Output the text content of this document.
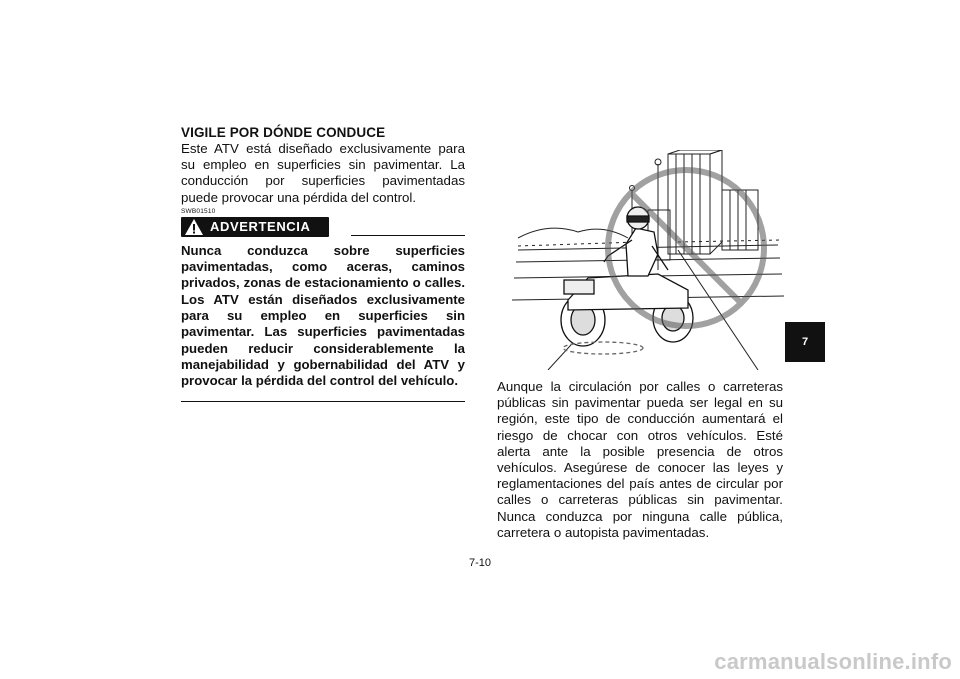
VIGILE POR DÓNDE CONDUCE
Este ATV está diseñado exclusivamente para su empleo en superficies sin pavimentar. La conducción por superficies pavimentadas puede provocar una pérdida del control.
SWB01510
ADVERTENCIA
Nunca conduzca sobre superficies pavimentadas, como aceras, caminos privados, zonas de estacionamiento o calles. Los ATV están diseñados exclusivamente para su empleo en superficies sin pavimentar. Las superficies pavimentadas pueden reducir considerablemente la manejabilidad y gobernabilidad del ATV y provocar la pérdida del control del vehículo.	Aunque la circulación por calles o carreteras públicas sin pavimentar pueda ser legal en su región, este tipo de conducción aumentará el riesgo de chocar con otros vehículos. Esté alerta ante la posible presencia de otros vehículos. Asegúrese de conocer las leyes y reglamentaciones del país antes de circular por calles o carreteras públicas sin pavimentar. Nunca conduzca por ninguna calle pública, carretera o autopista pavimentadas.
7
7-10
carmanualsonline.info
